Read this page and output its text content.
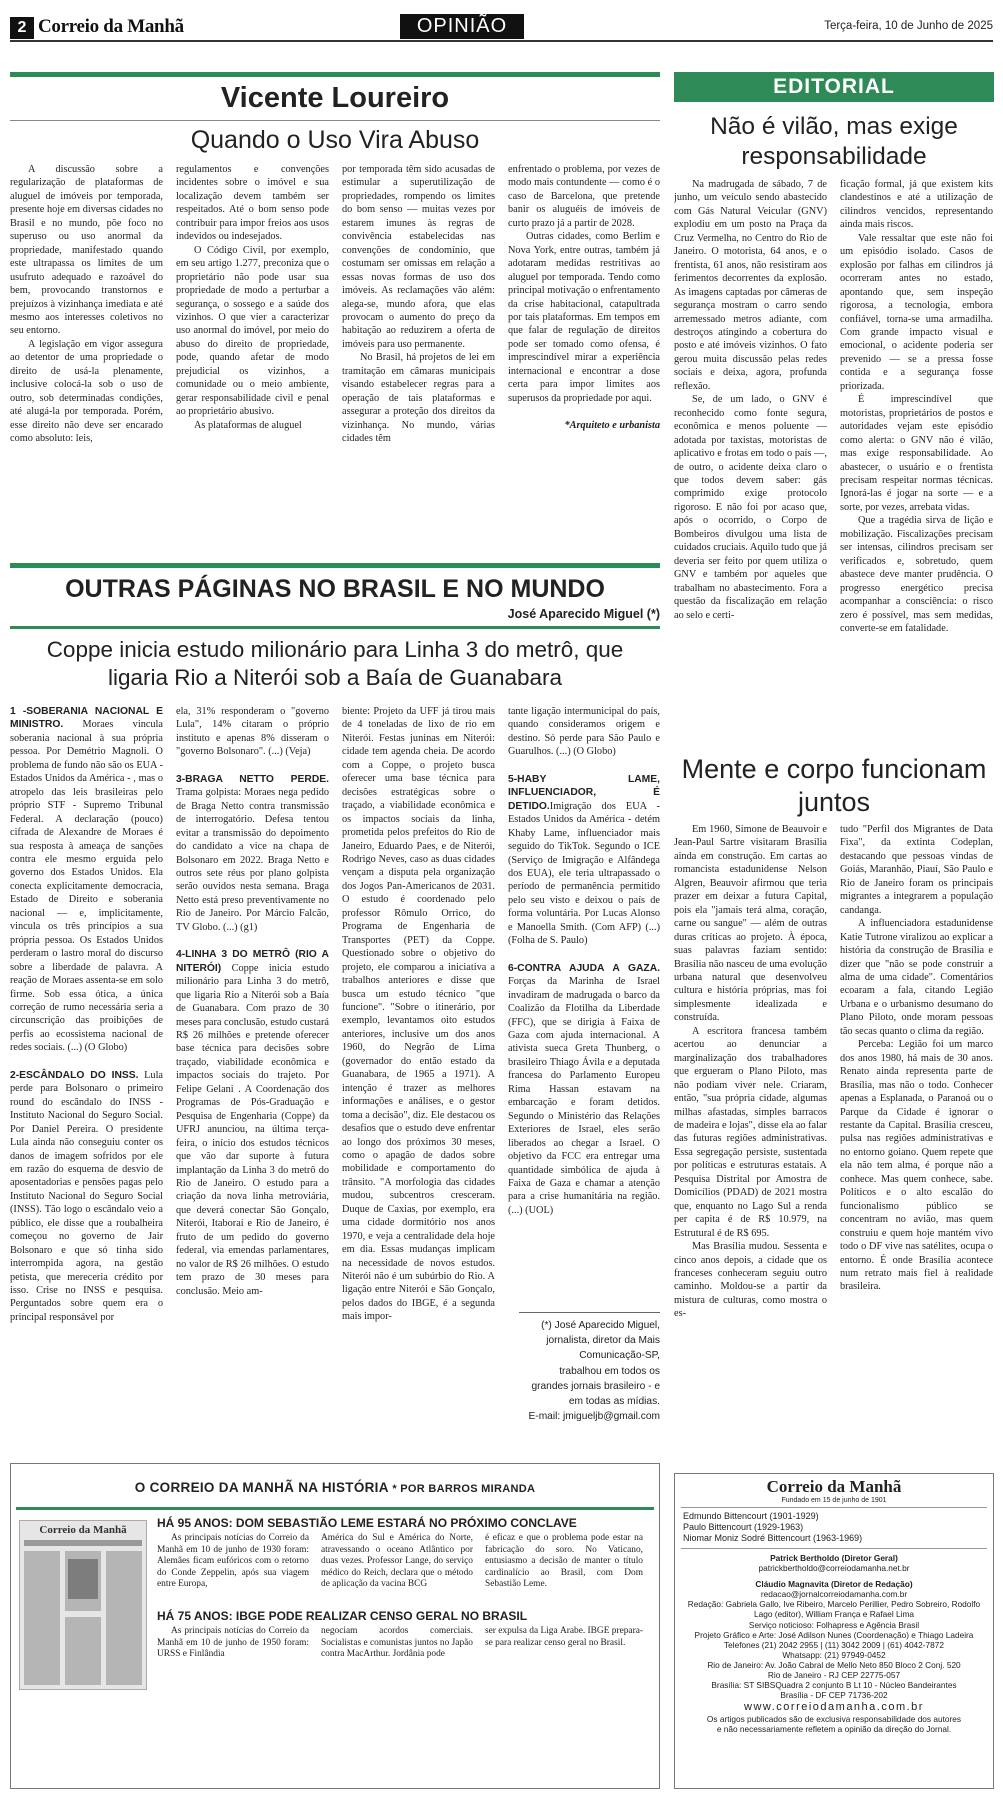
2 Correio da Manhã	OPINIÃO	Terça-feira, 10 de Junho de 2025
Vicente Loureiro
Quando o Uso Vira Abuso

A discussão sobre a regularização de plataformas de aluguel de imóveis por temporada, presente hoje em diversas cidades no Brasil e no mundo, põe foco no superuso ou uso anormal da propriedade, manifestado quando este ultrapassa os limites de um usufruto adequado e razoável do bem, provocando transtornos e prejuízos à vizinhança imediata e até mesmo aos interesses coletivos no seu entorno.

A legislação em vigor assegura ao detentor de uma propriedade o direito de usá-la plenamente, inclusive colocá-la sob o uso de outro, sob determinadas condições, até alugá-la por temporada. Porém, esse direito não deve ser encarado como absoluto: leis,

regulamentos e convenções incidentes sobre o imóvel e sua localização devem também ser respeitados. Até o bom senso pode contribuir para impor freios aos usos indevidos ou indesejados.

O Código Civil, por exemplo, em seu artigo 1.277, preconiza que o proprietário não pode usar sua propriedade de modo a perturbar a segurança, o sossego e a saúde dos vizinhos. O que vier a caracterizar uso anormal do imóvel, por meio do abuso do direito de propriedade, pode, quando afetar de modo prejudicial os vizinhos, a comunidade ou o meio ambiente, gerar responsabilidade civil e penal ao proprietário abusivo.

As plataformas de aluguel

por temporada têm sido acusadas de estimular a superutilização de propriedades, rompendo os limites do bom senso — muitas vezes por estarem imunes às regras de convivência estabelecidas nas convenções de condomínio, que costumam ser omissas em relação a essas novas formas de uso dos imóveis. As reclamações vão além: alega-se, mundo afora, que elas provocam o aumento do preço da habitação ao reduzirem a oferta de imóveis para uso permanente.

No Brasil, há projetos de lei em tramitação em câmaras municipais visando estabelecer regras para a operação de tais plataformas e assegurar a proteção dos direitos da vizinhança. No mundo, várias cidades têm

enfrentado o problema, por vezes de modo mais contundente — como é o caso de Barcelona, que pretende banir os aluguéis de imóveis de curto prazo já a partir de 2028.

Outras cidades, como Berlim e Nova York, entre outras, também já adotaram medidas restritivas ao aluguel por temporada. Tendo como principal motivação o enfrentamento da crise habitacional, catapultrada por tais plataformas. Em tempos em que falar de regulação de direitos pode ser tomado como ofensa, é imprescindível mirar a experiência internacional e encontrar a dose certa para impor limites aos superusos da propriedade por aqui.

*Arquiteto e urbanista

OUTRAS PÁGINAS NO BRASIL E NO MUNDO
José Aparecido Miguel (*)
Coppe inicia estudo milionário para Linha 3 do metrô, que ligaria Rio a Niterói sob a Baía de Guanabara

1 -SOBERANIA NACIONAL E MINISTRO. Moraes vincula soberania nacional à sua própria pessoa. Por Demétrio Magnoli. O problema de fundo não são os EUA - Estados Unidos da América - , mas o atropelo das leis brasileiras pelo próprio STF - Supremo Tribunal Federal. A declaração (pouco) cifrada de Alexandre de Moraes é sua resposta à ameaça de sanções contra ele mesmo erguida pelo governo dos Estados Unidos. Ela conecta explicitamente democracia, Estado de Direito e soberania nacional — e, implicitamente, vincula os três princípios a sua própria pessoa. Os Estados Unidos perderam o lastro moral do discurso sobre a liberdade de palavra. A reação de Moraes assenta-se em solo firme. Sob essa ótica, a única correção de rumo necessária seria a circunscrição das proibições de perfis ao ecossistema nacional de redes sociais. (...) (O Globo)

2-ESCÂNDALO DO INSS. Lula perde para Bolsonaro o primeiro round do escândalo do INSS - Instituto Nacional do Seguro Social. Por Daniel Pereira. O presidente Lula ainda não conseguiu conter os danos de imagem sofridos por ele em razão do esquema de desvio de aposentadorias e pensões pagas pelo Instituto Nacional do Seguro Social (INSS). Tão logo o escândalo veio a público, ele disse que a roubalheira começou no governo de Jair Bolsonaro e que só tinha sido interrompida agora, na gestão petista, que mereceria crédito por isso. Crise no INSS e pesquisa. Perguntados sobre quem era o principal responsável por

ela, 31% responderam o "governo Lula", 14% citaram o próprio instituto e apenas 8% disseram o "governo Bolsonaro". (...) (Veja)

3-BRAGA NETTO PERDE. Trama golpista: Moraes nega pedido de Braga Netto contra transmissão de interrogatório. Defesa tentou evitar a transmissão do depoimento do candidato a vice na chapa de Bolsonaro em 2022. Braga Netto e outros sete réus por plano golpista serão ouvidos nesta semana. Braga Netto está preso preventivamente no Rio de Janeiro. Por Márcio Falcão, TV Globo. (...) (g1)

4-LINHA 3 DO METRÔ (RIO A NITERÓI) Coppe inicia estudo milionário para Linha 3 do metrô, que ligaria Rio a Niterói sob a Baía de Guanabara. Com prazo de 30 meses para conclusão, estudo custará R$ 26 milhões e pretende oferecer base técnica para decisões sobre traçado, viabilidade econômica e impactos sociais do trajeto. Por Felipe Gelani . A Coordenação dos Programas de Pós-Graduação e Pesquisa de Engenharia (Coppe) da UFRJ anunciou, na última terça-feira, o início dos estudos técnicos que vão dar suporte à futura implantação da Linha 3 do metrô do Rio de Janeiro. O estudo para a criação da nova linha metroviária, que deverá conectar São Gonçalo, Niterói, Itaboraí e Rio de Janeiro, é fruto de um pedido do governo federal, via emendas parlamentares, no valor de R$ 26 milhões. O estudo tem prazo de 30 meses para conclusão. Meio am-

biente: Projeto da UFF já tirou mais de 4 toneladas de lixo de rio em Niterói. Festas juninas em Niterói: cidade tem agenda cheia. De acordo com a Coppe, o projeto busca oferecer uma base técnica para decisões estratégicas sobre o traçado, a viabilidade econômica e os impactos sociais da linha, prometida pelos prefeitos do Rio de Janeiro, Eduardo Paes, e de Niterói, Rodrigo Neves, caso as duas cidades vençam a disputa pela organização dos Jogos Pan-Americanos de 2031. O estudo é coordenado pelo professor Rômulo Orrico, do Programa de Engenharia de Transportes (PET) da Coppe. Questionado sobre o objetivo do projeto, ele comparou a iniciativa a trabalhos anteriores e disse que busca um estudo técnico "que funcione". "Sobre o itinerário, por exemplo, levantamos oito estudos anteriores, inclusive um dos anos 1960, do Negrão de Lima (governador do então estado da Guanabara, de 1965 a 1971). A intenção é trazer as melhores informações e análises, e o gestor toma a decisão", diz. Ele destacou os desafios que o estudo deve enfrentar ao longo dos próximos 30 meses, como o apagão de dados sobre mobilidade e comportamento do trânsito. "A morfologia das cidades mudou, subcentros cresceram. Duque de Caxias, por exemplo, era uma cidade dormitório nos anos 1970, e veja a centralidade dela hoje em dia. Essas mudanças implicam na necessidade de novos estudos. Niterói não é um subúrbio do Rio. A ligação entre Niterói e São Gonçalo, pelos dados do IBGE, é a segunda mais impor-

tante ligação intermunicipal do país, quando consideramos origem e destino. Só perde para São Paulo e Guarulhos. (...) (O Globo)

5-HABY LAME, INFLUENCIADOR, É DETIDO.Imigração dos EUA -Estados Unidos da América - detém Khaby Lame, influenciador mais seguido do TikTok. Segundo o ICE (Serviço de Imigração e Alfândega dos EUA), ele teria ultrapassado o período de permanência permitido pelo seu visto e deixou o país de forma voluntária. Por Lucas Alonso e Manoella Smith. (Com AFP) (...) (Folha de S. Paulo)

6-CONTRA AJUDA A GAZA. Forças da Marinha de Israel invadiram de madrugada o barco da Coalizão da Flotilha da Liberdade (FFC), que se dirigia à Faixa de Gaza com ajuda internacional. A ativista sueca Greta Thunberg, o brasileiro Thiago Ávila e a deputada francesa do Parlamento Europeu Rima Hassan estavam na embarcação e foram detidos. Segundo o Ministério das Relações Exteriores de Israel, eles serão liberados ao chegar a Israel. O objetivo da FCC era entregar uma quantidade simbólica de ajuda à Faixa de Gaza e chamar a atenção para a crise humanitária na região. (...) (UOL)

(*) José Aparecido Miguel,
jornalista, diretor da Mais
Comunicação-SP,
trabalhou em todos os
grandes jornais brasileiro - e
em todas as mídias.
E-mail: jmigueljb@gmail.com
EDITORIAL
Não é vilão, mas exige responsabilidade

Na madrugada de sábado, 7 de junho, um veículo sendo abastecido com Gás Natural Veicular (GNV) explodiu em um posto na Praça da Cruz Vermelha, no Centro do Rio de Janeiro. O motorista, 64 anos, e o frentista, 61 anos, não resistiram aos ferimentos decorrentes da explosão. As imagens captadas por câmeras de segurança mostram o carro sendo arremessado metros adiante, com destroços atingindo a cobertura do posto e até imóveis vizinhos. O fato gerou muita discussão pelas redes sociais e deixa, agora, profunda reflexão.

Se, de um lado, o GNV é reconhecido como fonte segura, econômica e menos poluente — adotada por taxistas, motoristas de aplicativo e frotas em todo o país —, de outro, o acidente deixa claro o que todos devem saber: gás comprimido exige protocolo rigoroso. E não foi por acaso que, após o ocorrido, o Corpo de Bombeiros divulgou uma lista de cuidados cruciais. Aquilo tudo que já deveria ser feito por quem utiliza o GNV e também por aqueles que trabalham no abastecimento. Fora a questão da fiscalização em relação ao selo e certi-

ficação formal, já que existem kits clandestinos e até a utilização de cilindros vencidos, representando ainda mais riscos.

Vale ressaltar que este não foi um episódio isolado. Casos de explosão por falhas em cilindros já ocorreram antes no estado, apontando que, sem inspeção rigorosa, a tecnologia, embora confiável, torna-se uma armadilha. Com grande impacto visual e emocional, o acidente poderia ser prevenido — se a pressa fosse contida e a segurança fosse priorizada.

É imprescindível que motoristas, proprietários de postos e autoridades vejam este episódio como alerta: o GNV não é vilão, mas exige responsabilidade. Ao abastecer, o usuário e o frentista precisam respeitar normas técnicas. Ignorá-las é jogar na sorte — e a sorte, por vezes, arrebata vidas.

Que a tragédia sirva de lição e mobilização. Fiscalizações precisam ser intensas, cilindros precisam ser verificados e, sobretudo, quem abastece deve manter prudência. O progresso energético precisa acompanhar a consciência: o risco zero é possível, mas sem medidas, converte-se em fatalidade.

Mente e corpo funcionam juntos

Em 1960, Simone de Beauvoir e Jean-Paul Sartre visitaram Brasília ainda em construção. Em cartas ao romancista estadunidense Nelson Algren, Beauvoir afirmou que teria prazer em deixar a futura Capital, pois ela "jamais terá alma, coração, carne ou sangue" — além de outras duras críticas ao projeto. À época, suas palavras faziam sentido: Brasília não nasceu de uma evolução urbana natural que desenvolveu cultura e história próprias, mas foi simplesmente idealizada e construída.

A escritora francesa também acertou ao denunciar a marginalização dos trabalhadores que ergueram o Plano Piloto, mas não podiam viver nele. Criaram, então, "sua própria cidade, algumas milhas afastadas, simples barracos de madeira e lojas", disse ela ao falar das futuras regiões administrativas. Essa segregação persiste, sustentada por políticas e estruturas estatais. A Pesquisa Distrital por Amostra de Domicílios (PDAD) de 2021 mostra que, enquanto no Lago Sul a renda per capita é de R$ 10.979, na Estrutural é de R$ 695.

Mas Brasília mudou. Sessenta e cinco anos depois, a cidade que os franceses conheceram seguiu outro caminho. Moldou-se a partir da mistura de culturas, como mostra o es-

tudo "Perfil dos Migrantes de Data Fixa", da extinta Codeplan, destacando que pessoas vindas de Goiás, Maranhão, Piauí, São Paulo e Rio de Janeiro foram os principais migrantes a integrarem a população candanga.

A influenciadora estadunidense Katie Tutrone viralizou ao explicar a história da construção de Brasília e dizer que "não se pode construir a alma de uma cidade". Comentários ecoaram a fala, citando Legião Urbana e o urbanismo desumano do Plano Piloto, onde moram pessoas tão secas quanto o clima da região.

Perceba: Legião foi um marco dos anos 1980, há mais de 30 anos. Renato ainda representa parte de Brasília, mas não o todo. Conhecer apenas a Esplanada, o Paranoá ou o Parque da Cidade é ignorar o restante da Capital. Brasília cresceu, pulsa nas regiões administrativas e no entorno goiano. Quem repete que ela não tem alma, é porque não a conhece. Mas quem conhece, sabe. Políticos e o alto escalão do funcionalismo público se concentram no avião, mas quem construiu e quem hoje mantém vivo todo o DF vive nas satélites, ocupa o entorno. É onde Brasília acontece num retrato mais fiel à realidade brasileira.

O CORREIO DA MANHÃ NA HISTÓRIA * POR BARROS MIRANDA
Correio da Manhã	HÁ 95 ANOS: DOM SEBASTIÃO LEME ESTARÁ NO PRÓXIMO CONCLAVE
As principais notícias do Correio da Manhã em 10 de junho de 1930 foram: Alemães ficam eufóricos com o retorno do Conde Zeppelin, após sua viagem entre Europa,
América do Sul e América do Norte, atravessando o oceano Atlântico por duas vezes. Professor Lange, do serviço médico do Reich, declara que o método de aplicação da vacina BCG
é eficaz e que o problema pode estar na fabricação do soro. No Vaticano, entusiasmo a decisão de manter o título cardinalício ao Brasil, com Dom Sebastião Leme.
HÁ 75 ANOS: IBGE PODE REALIZAR CENSO GERAL NO BRASIL
As principais notícias do Correio da Manhã em 10 de junho de 1950 foram: URSS e Finlândia
negociam acordos comerciais. Socialistas e comunistas juntos no Japão contra MacArthur. Jordânia pode
ser expulsa da Liga Árabe. IBGE prepara-se para realizar censo geral no Brasil.
Correio da Manhã
Fundado em 15 de junho de 1901
Edmundo Bittencourt (1901-1929)
Paulo Bittencourt (1929-1963)
Niomar Moniz Sodré Bittencourt (1963-1969)
Patrick Bertholdo (Diretor Geral)
patrickbertholdo@correiodamanha.net.br
Cláudio Magnavita (Diretor de Redação)
redacao@jornalcorreiodamanha.com.br
Redação: Gabriela Gallo, Ive Ribeiro, Marcelo Perillier, Pedro Sobreiro, Rodolfo Lago (editor), William França e Rafael Lima
Serviço noticioso: Folhapress e Agência Brasil
Projeto Gráfico e Arte: José Adilson Nunes (Coordenação) e Thiago Ladeira
Telefones (21) 2042 2955 | (11) 3042 2009 | (61) 4042-7872
Whatsapp: (21) 97949-0452
Rio de Janeiro: Av. João Cabral de Mello Neto 850 Bloco 2 Conj. 520
Rio de Janeiro - RJ CEP 22775-057
Brasília: ST SIBSQuadra 2 conjunto B Lt 10 - Núcleo Bandeirantes
Brasília - DF CEP 71736-202
www.correiodamanha.com.br
Os artigos publicados são de exclusiva responsabilidade dos autores
e não necessariamente refletem a opinião da direção do Jornal.
